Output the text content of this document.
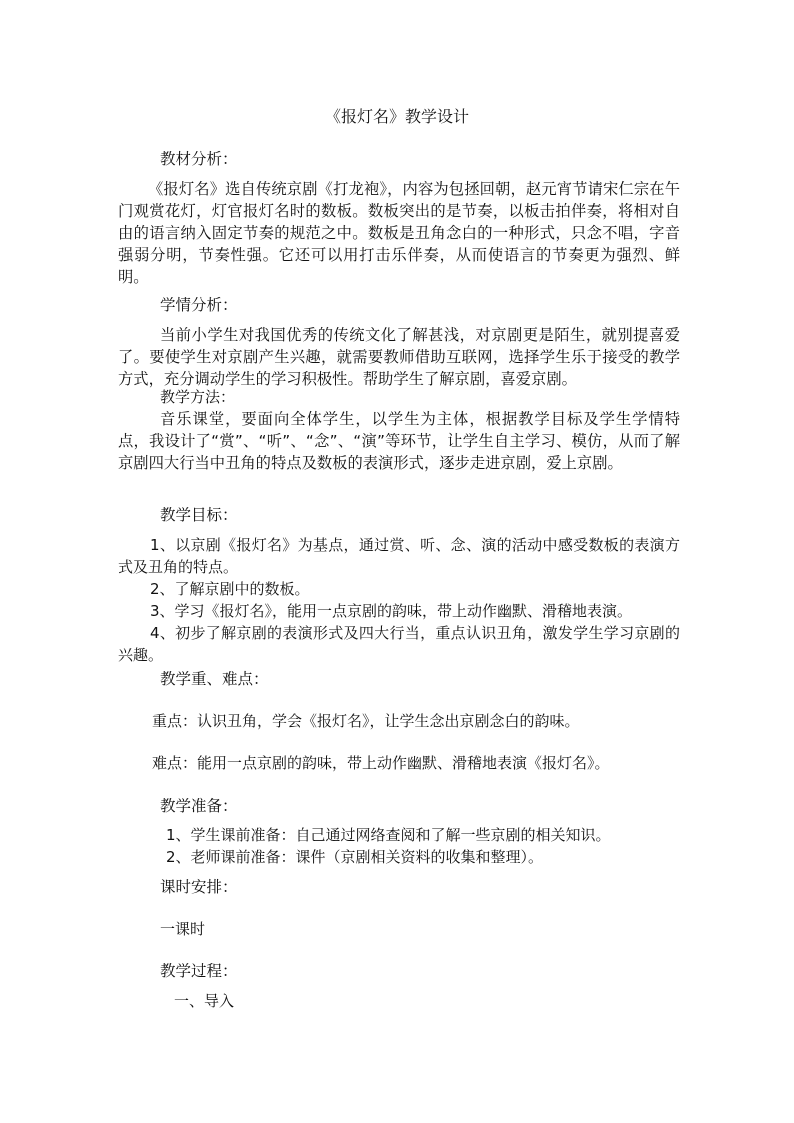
《报灯名》教学设计

教材分析：

《报灯名》选自传统京剧《打龙袍》，内容为包拯回朝，赵元宵节请宋仁宗在午门观赏花灯，灯官报灯名时的数板。数板突出的是节奏，以板击拍伴奏，将相对自由的语言纳入固定节奏的规范之中。数板是丑角念白的一种形式，只念不唱，字音强弱分明，节奏性强。它还可以用打击乐伴奏，从而使语言的节奏更为强烈、鲜明。

学情分析：

当前小学生对我国优秀的传统文化了解甚浅，对京剧更是陌生，就别提喜爱了。要使学生对京剧产生兴趣，就需要教师借助互联网，选择学生乐于接受的教学方式，充分调动学生的学习积极性。帮助学生了解京剧，喜爱京剧。

教学方法：

音乐课堂，要面向全体学生，以学生为主体，根据教学目标及学生学情特点，我设计了“赏”、“听”、“念”、“演”等环节，让学生自主学习、模仿，从而了解京剧四大行当中丑角的特点及数板的表演形式，逐步走进京剧，爱上京剧。

教学目标：

1、以京剧《报灯名》为基点，通过赏、听、念、演的活动中感受数板的表演方式及丑角的特点。

2、了解京剧中的数板。

3、学习《报灯名》，能用一点京剧的韵味，带上动作幽默、滑稽地表演。

4、初步了解京剧的表演形式及四大行当，重点认识丑角，激发学生学习京剧的兴趣。

教学重、难点：

重点：认识丑角，学会《报灯名》，让学生念出京剧念白的韵味。

难点：能用一点京剧的韵味，带上动作幽默、滑稽地表演《报灯名》。

教学准备：

1、学生课前准备：自己通过网络查阅和了解一些京剧的相关知识。

2、老师课前准备：课件（京剧相关资料的收集和整理）。

课时安排：

一课时

教学过程：

一、导入
